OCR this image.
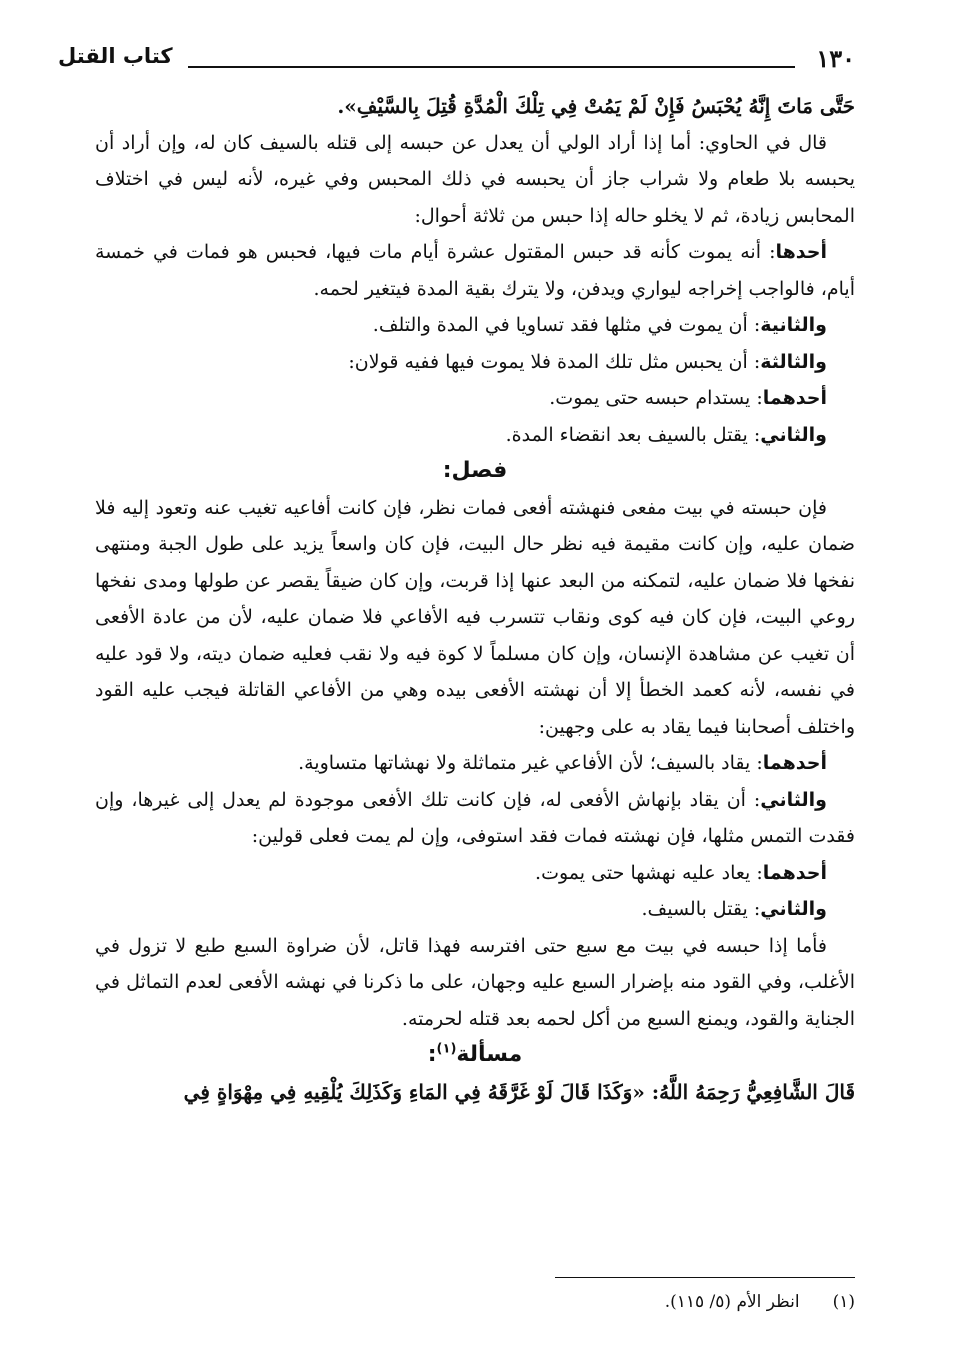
١٣٠
كتاب القتل

حَتَّى مَاتَ إِنَّهُ يُحْبَسُ فَإِنْ لَمْ يَمُتْ فِي تِلْكَ الْمُدَّةِ قُتِلَ بِالسَّيْفِ».

قال في الحاوي: أما إذا أراد الولي أن يعدل عن حبسه إلى قتله بالسيف كان له، وإن أراد أن يحبسه بلا طعام ولا شراب جاز أن يحبسه في ذلك المحبس وفي غيره، لأنه ليس في اختلاف المحابس زيادة، ثم لا يخلو حاله إذا حبس من ثلاثة أحوال:

أحدها: أنه يموت كأنه قد حبس المقتول عشرة أيام مات فيها، فحبس هو فمات في خمسة أيام، فالواجب إخراجه ليواري ويدفن، ولا يترك بقية المدة فيتغير لحمه.

والثانية: أن يموت في مثلها فقد تساويا في المدة والتلف.

والثالثة: أن يحبس مثل تلك المدة فلا يموت فيها ففيه قولان:

أحدهما: يستدام حبسه حتى يموت.

والثاني: يقتل بالسيف بعد انقضاء المدة.

فصل:

فإن حبسته في بيت مفعى فنهشته أفعى فمات نظر، فإن كانت أفاعيه تغيب عنه وتعود إليه فلا ضمان عليه، وإن كانت مقيمة فيه نظر حال البيت، فإن كان واسعاً يزيد على طول الجبة ومنتهى نفخها فلا ضمان عليه، لتمكنه من البعد عنها إذا قربت، وإن كان ضيقاً يقصر عن طولها ومدى نفخها روعي البيت، فإن كان فيه كوى ونقاب تتسرب فيه الأفاعي فلا ضمان عليه، لأن من عادة الأفعى أن تغيب عن مشاهدة الإنسان، وإن كان مسلماً لا كوة فيه ولا نقب فعليه ضمان ديته، ولا قود عليه في نفسه، لأنه كعمد الخطأ إلا أن نهشته الأفعى بيده وهي من الأفاعي القاتلة فيجب عليه القود واختلف أصحابنا فيما يقاد به على وجهين:

أحدهما: يقاد بالسيف؛ لأن الأفاعي غير متماثلة ولا نهشاتها متساوية.

والثاني: أن يقاد بإنهاش الأفعى له، فإن كانت تلك الأفعى موجودة لم يعدل إلى غيرها، وإن فقدت التمس مثلها، فإن نهشته فمات فقد استوفى، وإن لم يمت فعلى قولين:

أحدهما: يعاد عليه نهشها حتى يموت.

والثاني: يقتل بالسيف.

فأما إذا حبسه في بيت مع سبع حتى افترسه فهذا قاتل، لأن ضراوة السبع طبع لا تزول في الأغلب، وفي القود منه بإضرار السبع عليه وجهان، على ما ذكرنا في نهشه الأفعى لعدم التماثل في الجناية والقود، ويمنع السبع من أكل لحمه بعد قتله لحرمته.

مسألة$^{(١)}$:

قَالَ الشَّافِعِيُّ رَحِمَهُ اللَّهُ: «وَكَذَا قَالَ لَوْ غَرَّقَهُ فِي المَاءِ وَكَذَلِكَ يُلْقِيهِ فِي مِهْوَاةٍ فِي

(١) انظر الأم (٥/ ١١٥).
